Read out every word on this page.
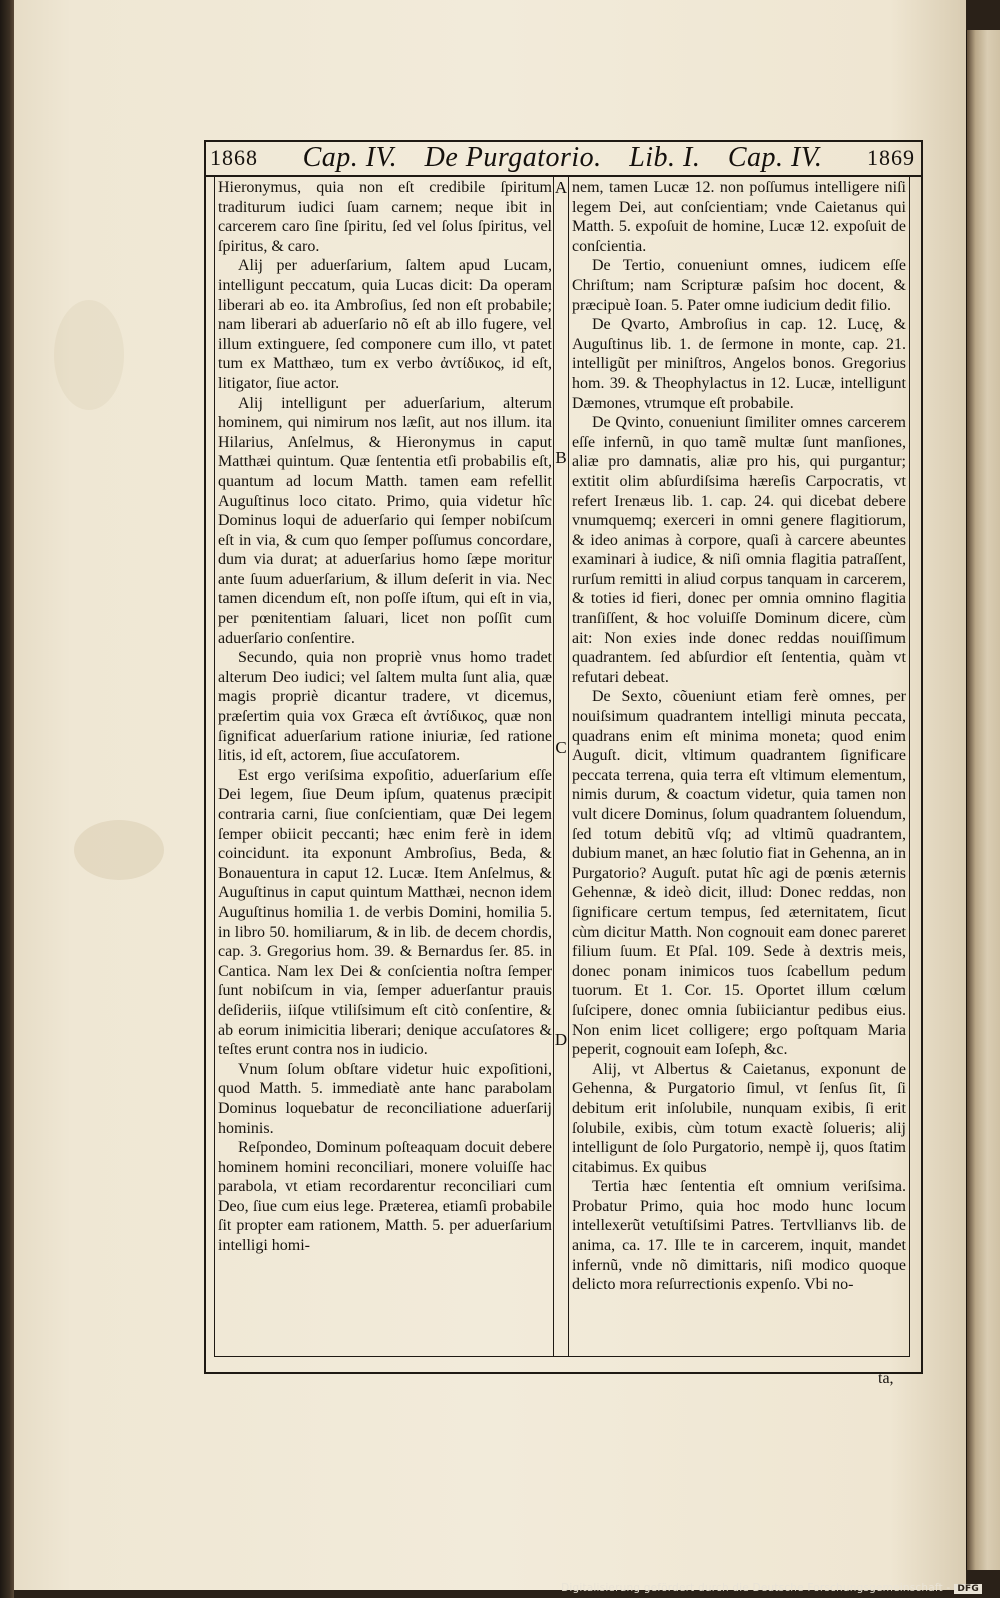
1868	Cap. IV. De Purgatorio. Lib. I. Cap. IV.	1869
A
B
C
D

Hieronymus, quia non eſt credibile ſpiritum traditurum iudici ſuam carnem; neque ibit in carcerem caro ſine ſpiritu, ſed vel ſolus ſpiritus, vel ſpiritus, & caro.

Alij per aduerſarium, ſaltem apud Lucam, intelligunt peccatum, quia Lucas dicit: Da operam liberari ab eo. ita Ambroſius, ſed non eſt probabile; nam liberari ab aduerſario nõ eſt ab illo fugere, vel illum extinguere, ſed componere cum illo, vt patet tum ex Matthæo, tum ex verbo ἀντίδικος, id eſt, litigator, ſiue actor.

Alij intelligunt per aduerſarium, alterum hominem, qui nimirum nos læſit, aut nos illum. ita Hilarius, Anſelmus, & Hieronymus in caput Matthæi quintum. Quæ ſententia etſi probabilis eſt, quantum ad locum Matth. tamen eam refellit Auguſtinus loco citato. Primo, quia videtur hîc Dominus loqui de aduerſario qui ſemper nobiſcum eſt in via, & cum quo ſemper poſſumus concordare, dum via durat; at aduerſarius homo ſæpe moritur ante ſuum aduerſarium, & illum deſerit in via. Nec tamen dicendum eſt, non poſſe iſtum, qui eſt in via, per pœnitentiam ſaluari, licet non poſſit cum aduerſario conſentire.

Secundo, quia non propriè vnus homo tradet alterum Deo iudici; vel ſaltem multa ſunt alia, quæ magis propriè dicantur tradere, vt dicemus, præſertim quia vox Græca eſt ἀντίδικος, quæ non ſignificat aduerſarium ratione iniuriæ, ſed ratione litis, id eſt, actorem, ſiue accuſatorem.

Est ergo veriſsima expoſitio, aduerſarium eſſe Dei legem, ſiue Deum ipſum, quatenus præcipit contraria carni, ſiue conſcientiam, quæ Dei legem ſemper obiicit peccanti; hæc enim ferè in idem coincidunt. ita exponunt Ambroſius, Beda, & Bonauentura in caput 12. Lucæ. Item Anſelmus, & Auguſtinus in caput quintum Matthæi, necnon idem Auguſtinus homilia 1. de verbis Domini, homilia 5. in libro 50. homiliarum, & in lib. de decem chordis, cap. 3. Gregorius hom. 39. & Bernardus ſer. 85. in Cantica. Nam lex Dei & conſcientia noſtra ſemper ſunt nobiſcum in via, ſemper aduerſantur prauis deſideriis, iiſque vtiliſsimum eſt citò conſentire, & ab eorum inimicitia liberari; denique accuſatores & teſtes erunt contra nos in iudicio.

Vnum ſolum obſtare videtur huic expoſitioni, quod Matth. 5. immediatè ante hanc parabolam Dominus loquebatur de reconciliatione aduerſarij hominis.

Reſpondeo, Dominum poſteaquam docuit debere hominem homini reconciliari, monere voluiſſe hac parabola, vt etiam recordarentur reconciliari cum Deo, ſiue cum eius lege. Præterea, etiamſi probabile ſit propter eam rationem, Matth. 5. per aduerſarium intelligi homi-

nem, tamen Lucæ 12. non poſſumus intelligere niſi legem Dei, aut conſcientiam; vnde Caietanus qui Matth. 5. expoſuit de homine, Lucæ 12. expoſuit de conſcientia.

De Tertio, conueniunt omnes, iudicem eſſe Chriſtum; nam Scripturæ paſsim hoc docent, & præcipuè Ioan. 5. Pater omne iudicium dedit filio.

De Qvarto, Ambroſius in cap. 12. Lucę, & Auguſtinus lib. 1. de ſermone in monte, cap. 21. intelligũt per miniſtros, Angelos bonos. Gregorius hom. 39. & Theophylactus in 12. Lucæ, intelligunt Dæmones, vtrumque eſt probabile.

De Qvinto, conueniunt ſimiliter omnes carcerem eſſe infernũ, in quo tamẽ multæ ſunt manſiones, aliæ pro damnatis, aliæ pro his, qui purgantur; extitit olim abſurdiſsima hæreſis Carpocratis, vt refert Irenæus lib. 1. cap. 24. qui dicebat debere vnumquemq; exerceri in omni genere flagitiorum, & ideo animas à corpore, quaſi à carcere abeuntes examinari à iudice, & niſi omnia flagitia patraſſent, rurſum remitti in aliud corpus tanquam in carcerem, & toties id fieri, donec per omnia omnino flagitia tranſiſſent, & hoc voluiſſe Dominum dicere, cùm ait: Non exies inde donec reddas nouiſſimum quadrantem. ſed abſurdior eſt ſententia, quàm vt refutari debeat.

De Sexto, cõueniunt etiam ferè omnes, per nouiſsimum quadrantem intelligi minuta peccata, quadrans enim eſt minima moneta; quod enim Auguſt. dicit, vltimum quadrantem ſignificare peccata terrena, quia terra eſt vltimum elementum, nimis durum, & coactum videtur, quia tamen non vult dicere Dominus, ſolum quadrantem ſoluendum, ſed totum debitũ vſq; ad vltimũ quadrantem, dubium manet, an hæc ſolutio fiat in Gehenna, an in Purgatorio? Auguſt. putat hîc agi de pœnis æternis Gehennæ, & ideò dicit, illud: Donec reddas, non ſignificare certum tempus, ſed æternitatem, ſicut cùm dicitur Matth. Non cognouit eam donec pareret filium ſuum. Et Pſal. 109. Sede à dextris meis, donec ponam inimicos tuos ſcabellum pedum tuorum. Et 1. Cor. 15. Oportet illum cœlum ſuſcipere, donec omnia ſubiiciantur pedibus eius. Non enim licet colligere; ergo poſtquam Maria peperit, cognouit eam Ioſeph, &c.

Alij, vt Albertus & Caietanus, exponunt de Gehenna, & Purgatorio ſimul, vt ſenſus ſit, ſi debitum erit inſolubile, nunquam exibis, ſi erit ſolubile, exibis, cùm totum exactè ſolueris; alij intelligunt de ſolo Purgatorio, nempè ij, quos ſtatim citabimus. Ex quibus

Tertia hæc ſententia eſt omnium veriſsima. Probatur Primo, quia hoc modo hunc locum intellexerũt vetuſtiſsimi Patres. Tertvllianvs lib. de anima, ca. 17. Ille te in carcerem, inquit, mandet infernũ, vnde nõ dimittaris, niſi modico quoque delicto mora reſurrectionis expenſo. Vbi no-

ta,
Digitalisierung gefördert durch die Deutsche Forschungsgemeinschaft - DFG
